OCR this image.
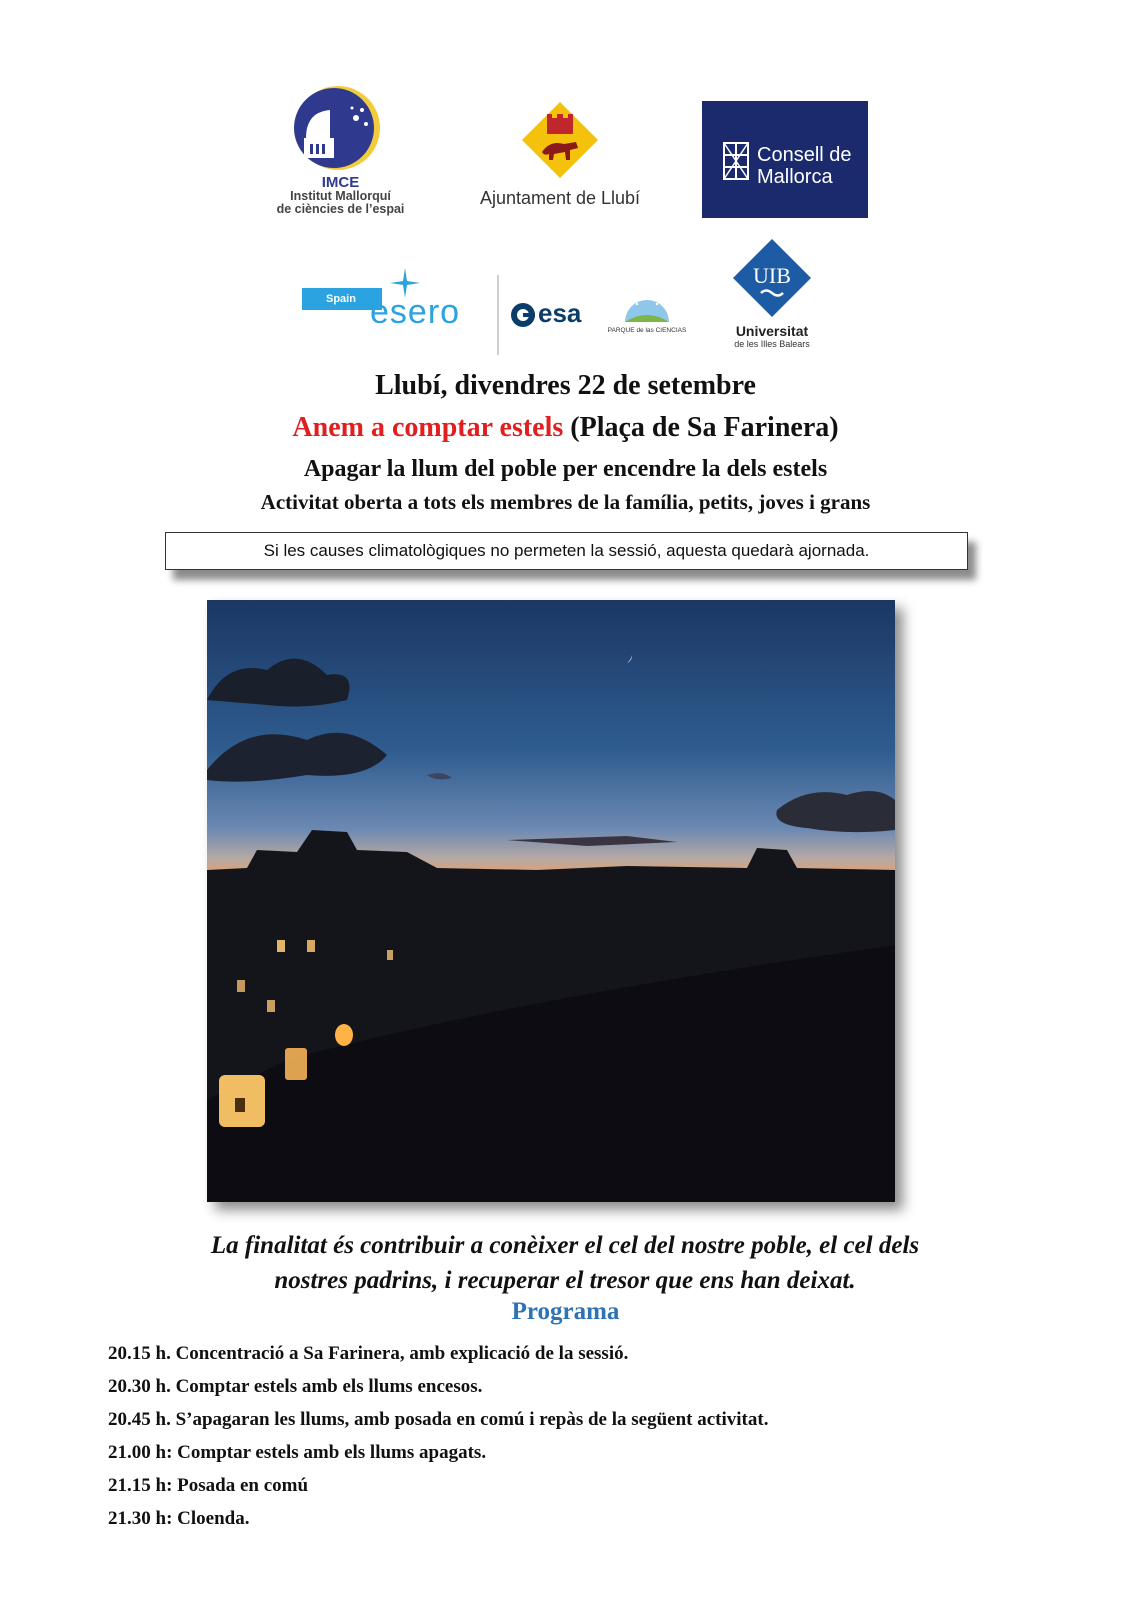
IMCE
Institut Mallorquí
de ciències de l’espai
Ajuntament de Llubí
Consell de
Mallorca
Spain esero	esa
PARQUE de las CIENCIAS
UIB
Universitat
de les Illes Balears
Llubí, divendres 22 de setembre
Anem a comptar estels (Plaça de Sa Farinera)
Apagar la llum del poble per encendre la dels estels
Activitat oberta a tots els membres de la família, petits, joves i grans
Si les causes climatològiques no permeten la sessió, aquesta quedarà ajornada.
La finalitat és contribuir a conèixer el cel del nostre poble, el cel dels
nostres padrins, i recuperar el tresor que ens han deixat.
Programa
20.15 h. Concentració a Sa Farinera, amb explicació de la sessió.
20.30 h. Comptar estels amb els llums encesos.
20.45 h. S’apagaran les llums, amb posada en comú i repàs de la següent activitat.
21.00 h: Comptar estels amb els llums apagats.
21.15 h: Posada en comú
21.30 h: Cloenda.
